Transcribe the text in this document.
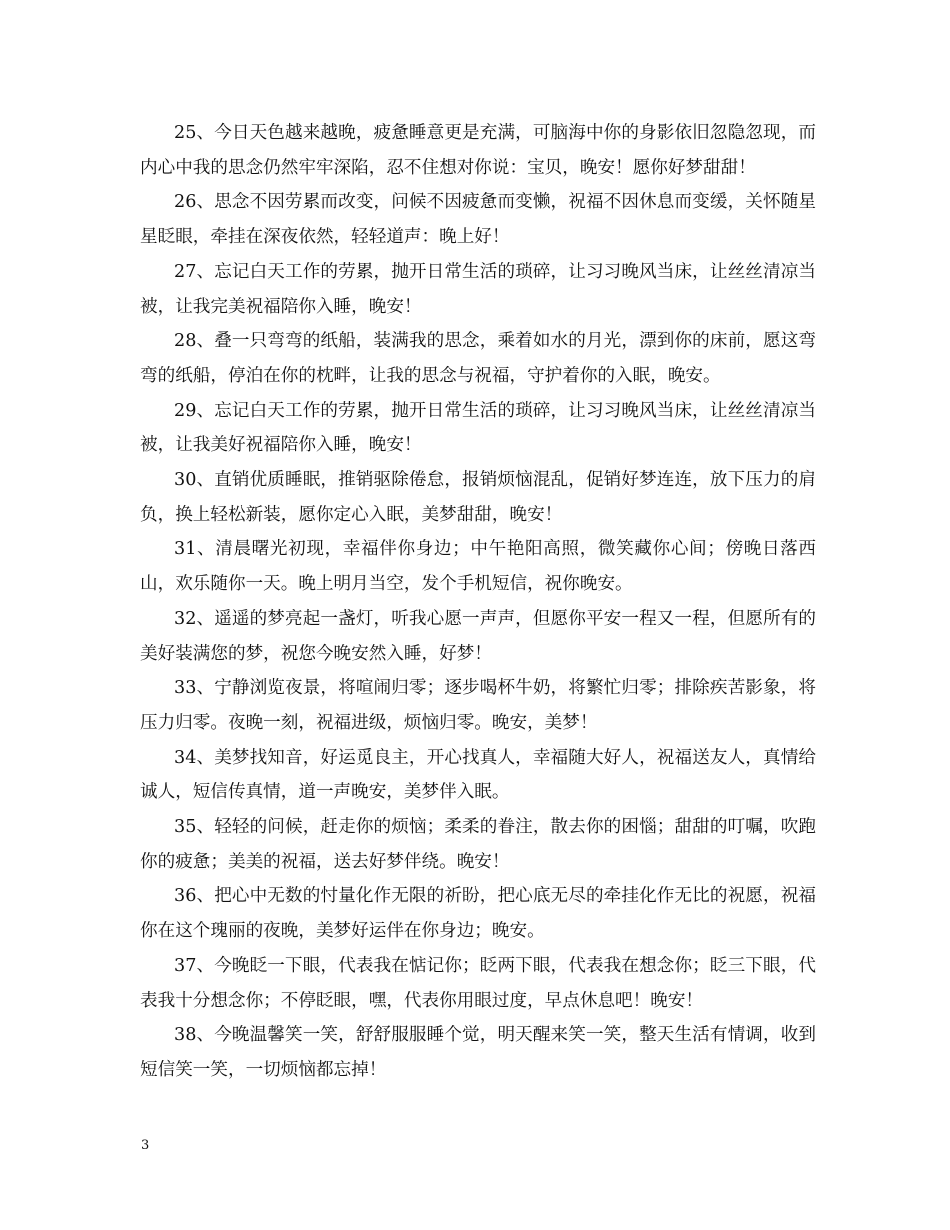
25、今日天色越来越晚，疲惫睡意更是充满，可脑海中你的身影依旧忽隐忽现，而内心中我的思念仍然牢牢深陷，忍不住想对你说：宝贝，晚安！愿你好梦甜甜！

26、思念不因劳累而改变，问候不因疲惫而变懒，祝福不因休息而变缓，关怀随星星眨眼，牵挂在深夜依然，轻轻道声：晚上好！

27、忘记白天工作的劳累，抛开日常生活的琐碎，让习习晚风当床，让丝丝清凉当被，让我完美祝福陪你入睡，晚安！

28、叠一只弯弯的纸船，装满我的思念，乘着如水的月光，漂到你的床前，愿这弯弯的纸船，停泊在你的枕畔，让我的思念与祝福，守护着你的入眠，晚安。

29、忘记白天工作的劳累，抛开日常生活的琐碎，让习习晚风当床，让丝丝清凉当被，让我美好祝福陪你入睡，晚安！

30、直销优质睡眠，推销驱除倦怠，报销烦恼混乱，促销好梦连连，放下压力的肩负，换上轻松新装，愿你定心入眠，美梦甜甜，晚安！

31、清晨曙光初现，幸福伴你身边；中午艳阳高照，微笑藏你心间；傍晚日落西山，欢乐随你一天。晚上明月当空，发个手机短信，祝你晚安。

32、遥遥的梦亮起一盏灯，听我心愿一声声，但愿你平安一程又一程，但愿所有的美好装满您的梦，祝您今晚安然入睡，好梦！

33、宁静浏览夜景，将喧闹归零；逐步喝杯牛奶，将繁忙归零；排除疾苦影象，将压力归零。夜晚一刻，祝福进级，烦恼归零。晚安，美梦！

34、美梦找知音，好运觅良主，开心找真人，幸福随大好人，祝福送友人，真情给诚人，短信传真情，道一声晚安，美梦伴入眠。

35、轻轻的问候，赶走你的烦恼；柔柔的眷注，散去你的困惱；甜甜的叮嘱，吹跑你的疲惫；美美的祝福，送去好梦伴绕。晚安！

36、把心中无数的忖量化作无限的祈盼，把心底无尽的牵挂化作无比的祝愿，祝福你在这个瑰丽的夜晚，美梦好运伴在你身边；晚安。

37、今晚眨一下眼，代表我在惦记你；眨两下眼，代表我在想念你；眨三下眼，代表我十分想念你；不停眨眼，嘿，代表你用眼过度，早点休息吧！晚安！

38、今晚温馨笑一笑，舒舒服服睡个觉，明天醒来笑一笑，整天生活有情调，收到短信笑一笑，一切烦恼都忘掉！

3
